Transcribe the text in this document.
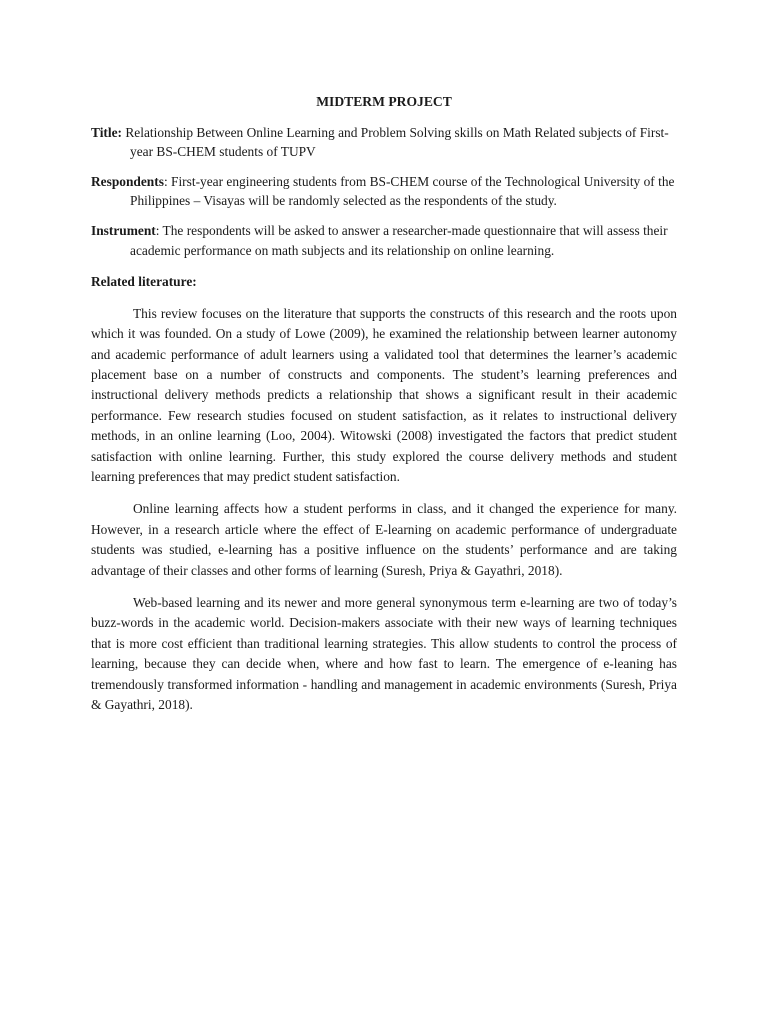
MIDTERM PROJECT
Title: Relationship Between Online Learning and Problem Solving skills on Math Related subjects of First-year BS-CHEM students of TUPV
Respondents: First-year engineering students from BS-CHEM course of the Technological University of the Philippines – Visayas will be randomly selected as the respondents of the study.
Instrument: The respondents will be asked to answer a researcher-made questionnaire that will assess their academic performance on math subjects and its relationship on online learning.
Related literature:

This review focuses on the literature that supports the constructs of this research and the roots upon which it was founded. On a study of Lowe (2009), he examined the relationship between learner autonomy and academic performance of adult learners using a validated tool that determines the learner’s academic placement base on a number of constructs and components. The student’s learning preferences and instructional delivery methods predicts a relationship that shows a significant result in their academic performance. Few research studies focused on student satisfaction, as it relates to instructional delivery methods, in an online learning (Loo, 2004). Witowski (2008) investigated the factors that predict student satisfaction with online learning. Further, this study explored the course delivery methods and student learning preferences that may predict student satisfaction.

Online learning affects how a student performs in class, and it changed the experience for many. However, in a research article where the effect of E-learning on academic performance of undergraduate students was studied, e-learning has a positive influence on the students’ performance and are taking advantage of their classes and other forms of learning (Suresh, Priya & Gayathri, 2018).

Web-based learning and its newer and more general synonymous term e-learning are two of today’s buzz-words in the academic world. Decision-makers associate with their new ways of learning techniques that is more cost efficient than traditional learning strategies. This allow students to control the process of learning, because they can decide when, where and how fast to learn. The emergence of e-leaning has tremendously transformed information - handling and management in academic environments (Suresh, Priya & Gayathri, 2018).
